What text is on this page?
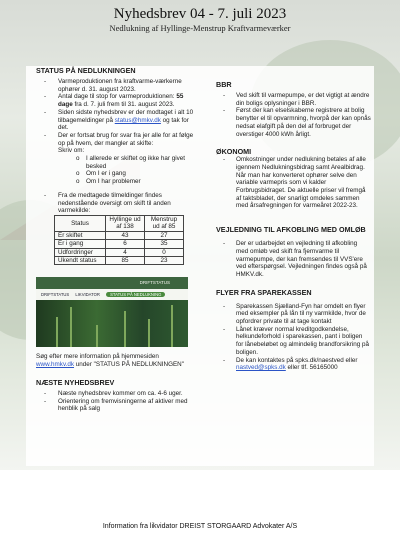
Nyhedsbrev 04 - 7. juli 2023
Nedlukning af Hyllinge-Menstrup Kraftvarmeværker
STATUS PÅ NEDLUKNINGEN
- Varmeproduktionen fra kraftvarme-værkerne ophører d. 31. august 2023.
- Antal dage til stop for varmeproduktionen: 55 dage fra d. 7. juli frem til 31. august 2023.
- Siden sidste nyhedsbrev er der modtaget i alt 10 tilbagemeldinger på status@hmkv.dk og tak for det.
- Der er fortsat brug for svar fra jer alle for at følge op på hvem, der mangler at skifte:
Skriv om:
o I allerede er skiftet og ikke har givet besked
o Om I er i gang
o Om I har problemer
- Fra de medtagede tilmeldinger findes nedenstående oversigt om skift til anden varmekilde:
Status	Hyllinge ud af 138	Menstrup ud af 85
Er skiftet	43	27
Er i gang	6	35
Udfordringer	4	0
Ukendt status	85	23
DRIFTSTATUS
DRIFTSTATUS LIKVIDATOR STATUS PÅ NEDLUKNING
Søg efter mere information på hjemmesiden www.hmkv.dk under "STATUS PÅ NEDLUKNINGEN"
NÆSTE NYHEDSBREV
- Næste nyhedsbrev kommer om ca. 4-6 uger.
- Orientering om fremvisningerne af aktiver med henblik på salg
BBR
- Ved skift til varmepumpe, er det vigtigt at ændre din boligs oplysninger i BBR.
- Først der kan elselskaberne registrere at bolig benytter el til opvarmning, hvorpå der kan opnås nedsat elafgift på den del af forbruget der overstiger 4000 kWh årligt.
ØKONOMI
- Omkostninger under nedlukning betales af alle igennem Nedlukningsbidrag samt Arealbidrag. Når man har konverteret ophører selve den variable varmepris som vi kalder Forbrugsbidraget. De aktuelle priser vil fremgå af taktsbladet, der snarligt omdeles sammen med årsafregningen for varmeåret 2022-23.
VEJLEDNING TIL AFKOBLING MED OMLØB
- Der er udarbejdet en vejledning til afkobling med omløb ved skift fra fjernvarme til varmepumpe, der kan fremsendes til VVS'ere ved efterspørgsel. Vejledningen findes også på HMKV.dk.
FLYER FRA SPAREKASSEN
- Sparekassen Sjælland-Fyn har omdelt en flyer med eksempler på lån til ny varmkilde, hvor de opfordrer private til at tage kontakt
- Lånet kræver normal kreditgodkendelse, helkundeforhold i sparekassen, pant i boligen for lånebeløbet og almindelig brandforsikring på boligen.
- De kan kontaktes på spks.dk/naestved eller nastved@spks.dk eller tlf. 56165000
Information fra likvidator DREIST STORGAARD Advokater A/S
